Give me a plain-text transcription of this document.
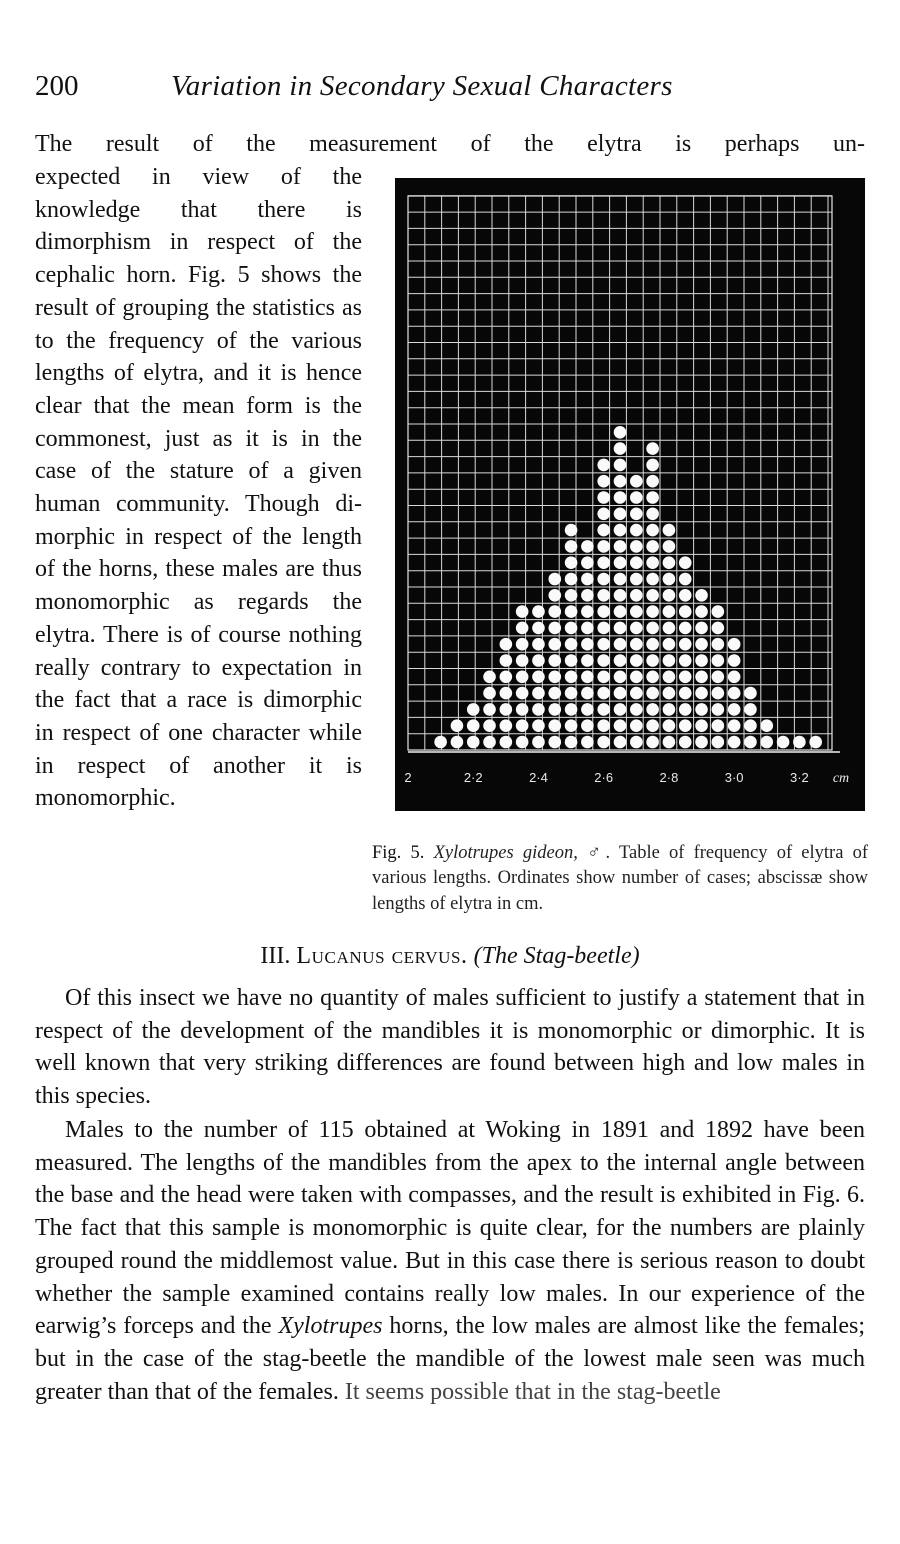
200	Variation in Secondary Sexual Characters

The result of the measurement of the elytra is perhaps un-

expected in view of the knowledge that there is dimorphism in respect of the cephalic horn. Fig. 5 shows the result of grouping the statistics as to the frequency of the various lengths of elytra, and it is hence clear that the mean form is the commonest, just as it is in the case of the stature of a given human community. Though dimorphic in respect of the length of the horns, these males are thus monomorphic as regards the elytra. There is of course nothing really contrary to expectation in the fact that a race is dimorphic in respect of one character while in respect of another it is monomorphic.

2	2·2	2·4	2·6	2·8	3·0	3·2 cm

Fig. 5. Xylotrupes gideon, ♂. Table of frequency of elytra of various lengths. Ordinates show number of cases; abscissæ show lengths of elytra in cm.

III. Lucanus cervus. (The Stag-beetle)

Of this insect we have no quantity of males sufficient to justify a statement that in respect of the development of the mandibles it is monomorphic or dimorphic. It is well known that very striking differences are found between high and low males in this species.

Males to the number of 115 obtained at Woking in 1891 and 1892 have been measured. The lengths of the mandibles from the apex to the internal angle between the base and the head were taken with compasses, and the result is exhibited in Fig. 6. The fact that this sample is monomorphic is quite clear, for the numbers are plainly grouped round the middlemost value. But in this case there is serious reason to doubt whether the sample examined contains really low males. In our experience of the earwig’s forceps and the Xylotrupes horns, the low males are almost like the females; but in the case of the stag-beetle the mandible of the lowest male seen was much greater than that of the females. It seems possible that in the stag-beetle
